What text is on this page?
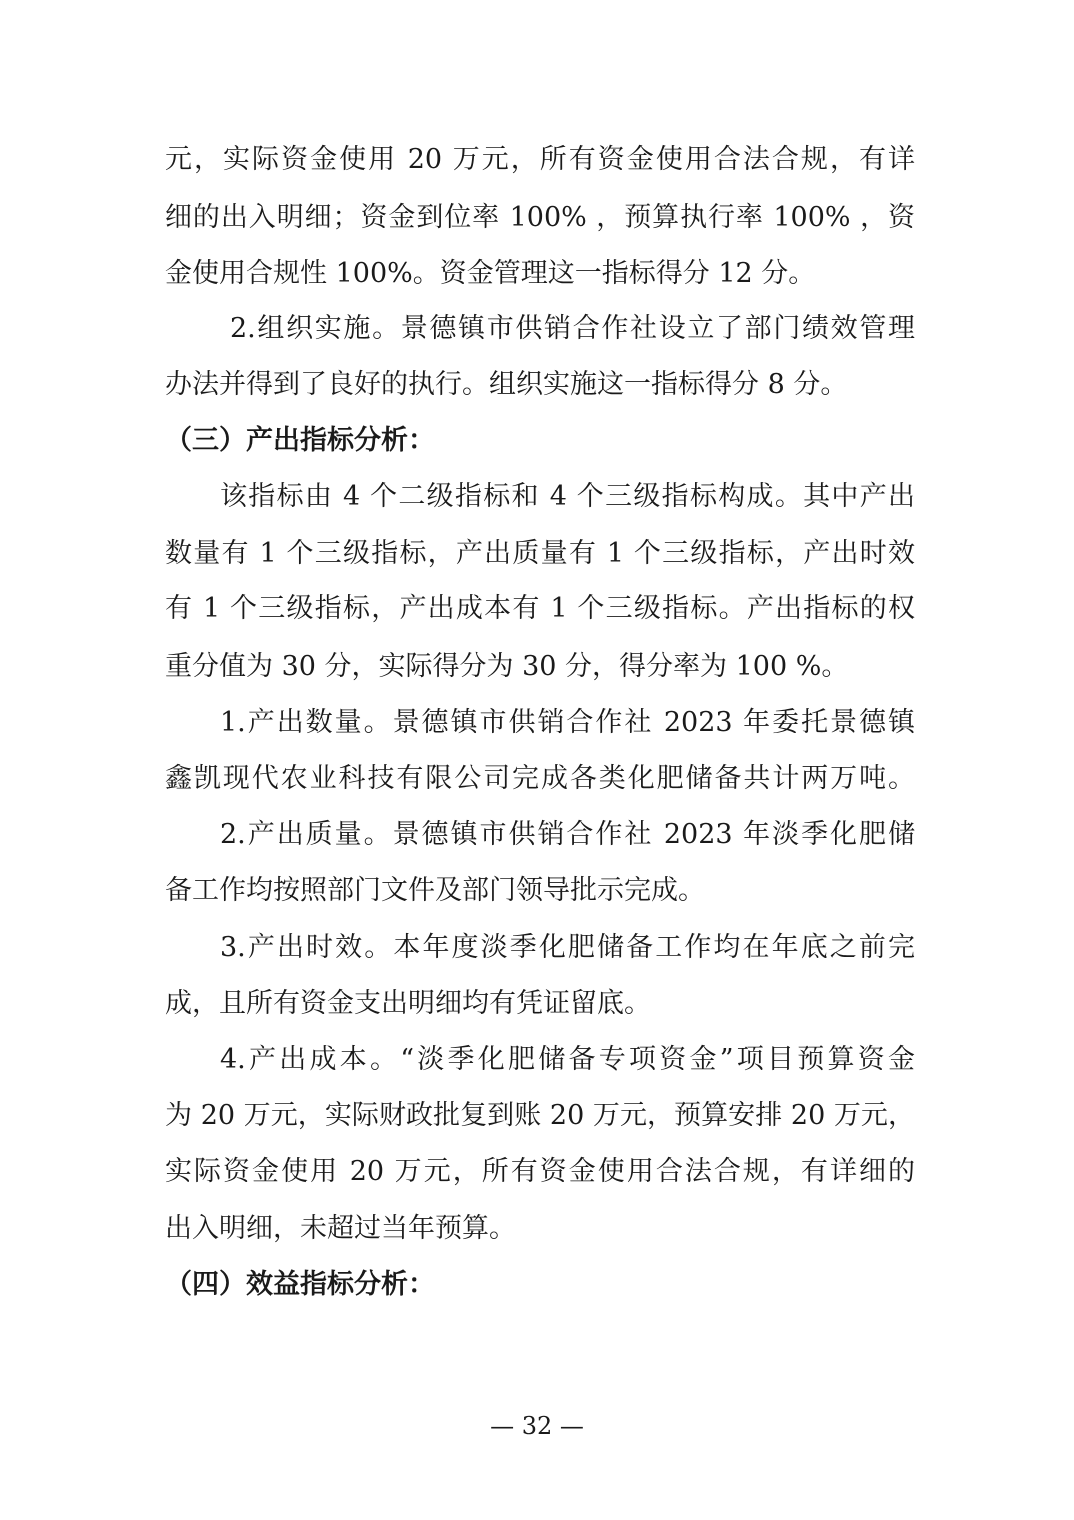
元，实际资金使用 20 万元，所有资金使用合法合规，有详
细的出入明细；资金到位率 100% ，预算执行率 100% ，资
金使用合规性 100%。资金管理这一指标得分 12 分。
2.组织实施。景德镇市供销合作社设立了部门绩效管理
办法并得到了良好的执行。组织实施这一指标得分 8 分。
（三）产出指标分析：
该指标由 4 个二级指标和 4 个三级指标构成。其中产出
数量有 1 个三级指标，产出质量有 1 个三级指标，产出时效
有 1 个三级指标，产出成本有 1 个三级指标。产出指标的权
重分值为 30 分，实际得分为 30 分，得分率为 100 %。
1.产出数量。景德镇市供销合作社 2023 年委托景德镇
鑫凯现代农业科技有限公司完成各类化肥储备共计两万吨。
2.产出质量。景德镇市供销合作社 2023 年淡季化肥储
备工作均按照部门文件及部门领导批示完成。
3.产出时效。本年度淡季化肥储备工作均在年底之前完
成，且所有资金支出明细均有凭证留底。
4.产出成本。“淡季化肥储备专项资金”项目预算资金
为 20 万元，实际财政批复到账 20 万元，预算安排 20 万元，
实际资金使用 20 万元，所有资金使用合法合规，有详细的
出入明细，未超过当年预算。
（四）效益指标分析：
— 32 —
